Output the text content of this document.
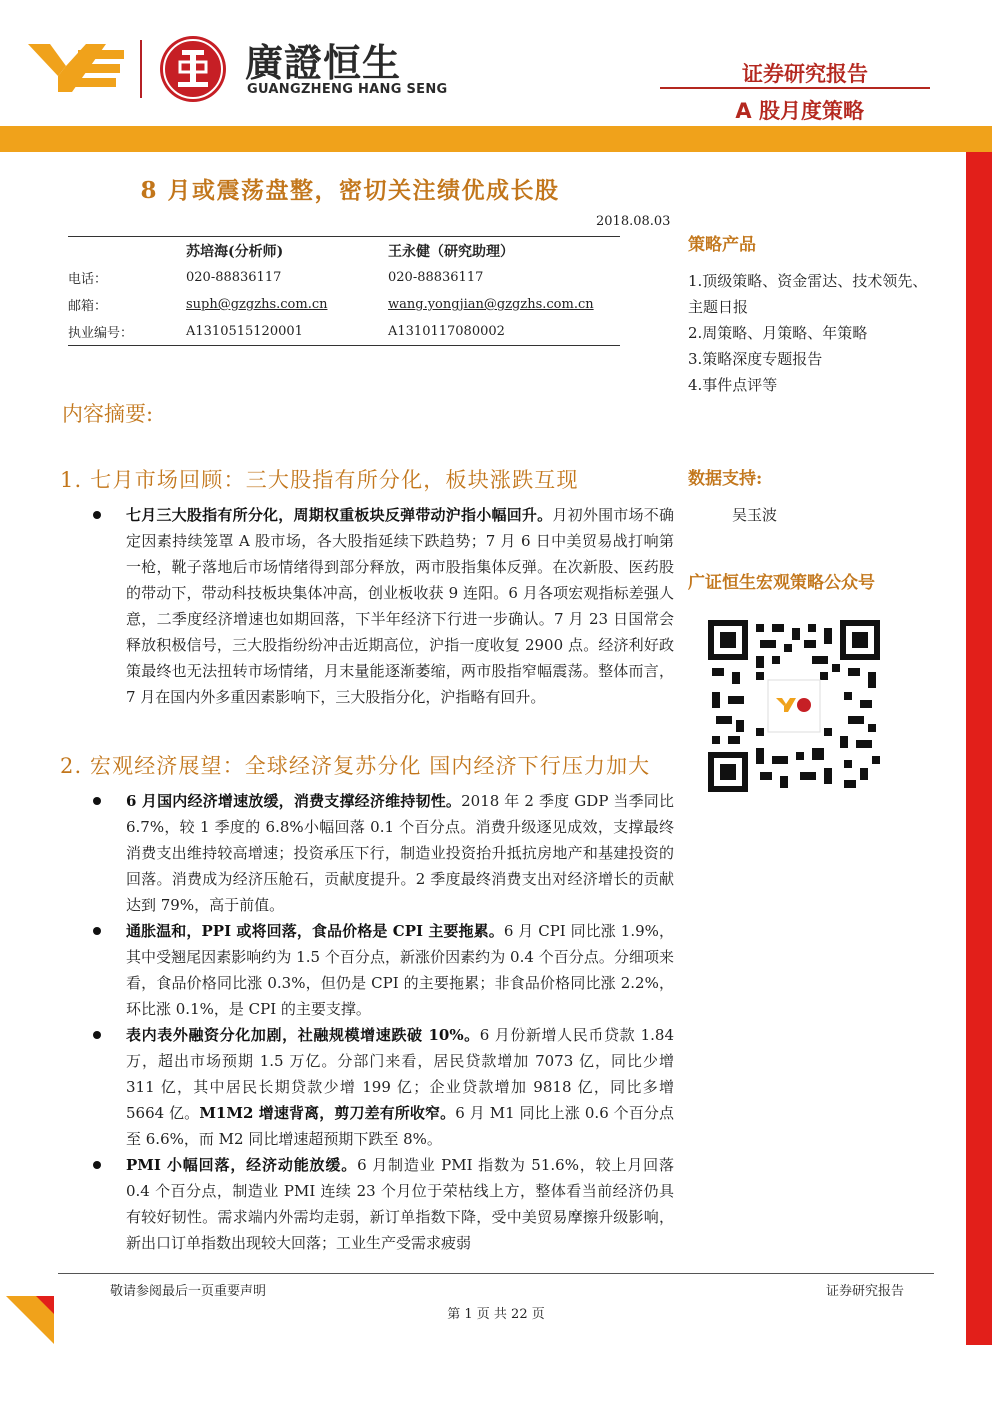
廣證恒生
GUANGZHENG HANG SENG
证券研究报告
A 股月度策略
8 月或震荡盘整，密切关注绩优成长股
2018.08.03
	苏培海(分析师)	王永健（研究助理）
电话：	020-88836117	020-88836117
邮箱：	suph@gzgzhs.com.cn	wang.yongjian@gzgzhs.com.cn
执业编号：	A1310515120001	A1310117080002
内容摘要:
1. 七月市场回顾：三大股指有所分化，板块涨跌互现
七月三大股指有所分化，周期权重板块反弹带动沪指小幅回升。月初外围市场不确定因素持续笼罩 A 股市场，各大股指延续下跌趋势；7 月 6 日中美贸易战打响第一枪，靴子落地后市场情绪得到部分释放，两市股指集体反弹。在次新股、医药股的带动下，带动科技板块集体冲高，创业板收获 9 连阳。6 月各项宏观指标差强人意，二季度经济增速也如期回落，下半年经济下行进一步确认。7 月 23 日国常会释放积极信号，三大股指纷纷冲击近期高位，沪指一度收复 2900 点。经济利好政策最终也无法扭转市场情绪，月末量能逐渐萎缩，两市股指窄幅震荡。整体而言，7 月在国内外多重因素影响下，三大股指分化，沪指略有回升。
2. 宏观经济展望：全球经济复苏分化 国内经济下行压力加大
6 月国内经济增速放缓，消费支撑经济维持韧性。2018 年 2 季度 GDP 当季同比 6.7%，较 1 季度的 6.8%小幅回落 0.1 个百分点。消费升级逐见成效，支撑最终消费支出维持较高增速；投资承压下行，制造业投资抬升抵抗房地产和基建投资的回落。消费成为经济压舱石，贡献度提升。2 季度最终消费支出对经济增长的贡献达到 79%，高于前值。
通胀温和，PPI 或将回落，食品价格是 CPI 主要拖累。6 月 CPI 同比涨 1.9%，其中受翘尾因素影响约为 1.5 个百分点，新涨价因素约为 0.4 个百分点。分细项来看，食品价格同比涨 0.3%，但仍是 CPI 的主要拖累；非食品价格同比涨 2.2%，环比涨 0.1%，是 CPI 的主要支撑。
表内表外融资分化加剧，社融规模增速跌破 10%。6 月份新增人民币贷款 1.84 万，超出市场预期 1.5 万亿。分部门来看，居民贷款增加 7073 亿，同比少增 311 亿，其中居民长期贷款少增 199 亿；企业贷款增加 9818 亿，同比多增 5664 亿。M1M2 增速背离，剪刀差有所收窄。6 月 M1 同比上涨 0.6 个百分点至 6.6%，而 M2 同比增速超预期下跌至 8%。
PMI 小幅回落，经济动能放缓。6 月制造业 PMI 指数为 51.6%，较上月回落 0.4 个百分点，制造业 PMI 连续 23 个月位于荣枯线上方，整体看当前经济仍具有较好韧性。需求端内外需均走弱，新订单指数下降，受中美贸易摩擦升级影响，新出口订单指数出现较大回落；工业生产受需求疲弱
策略产品
1.顶级策略、资金雷达、技术领先、
主题日报
2.周策略、月策略、年策略
3.策略深度专题报告
4.事件点评等
数据支持:
吴玉波
广证恒生宏观策略公众号
敬请参阅最后一页重要声明	证券研究报告
第 1 页 共 22 页
